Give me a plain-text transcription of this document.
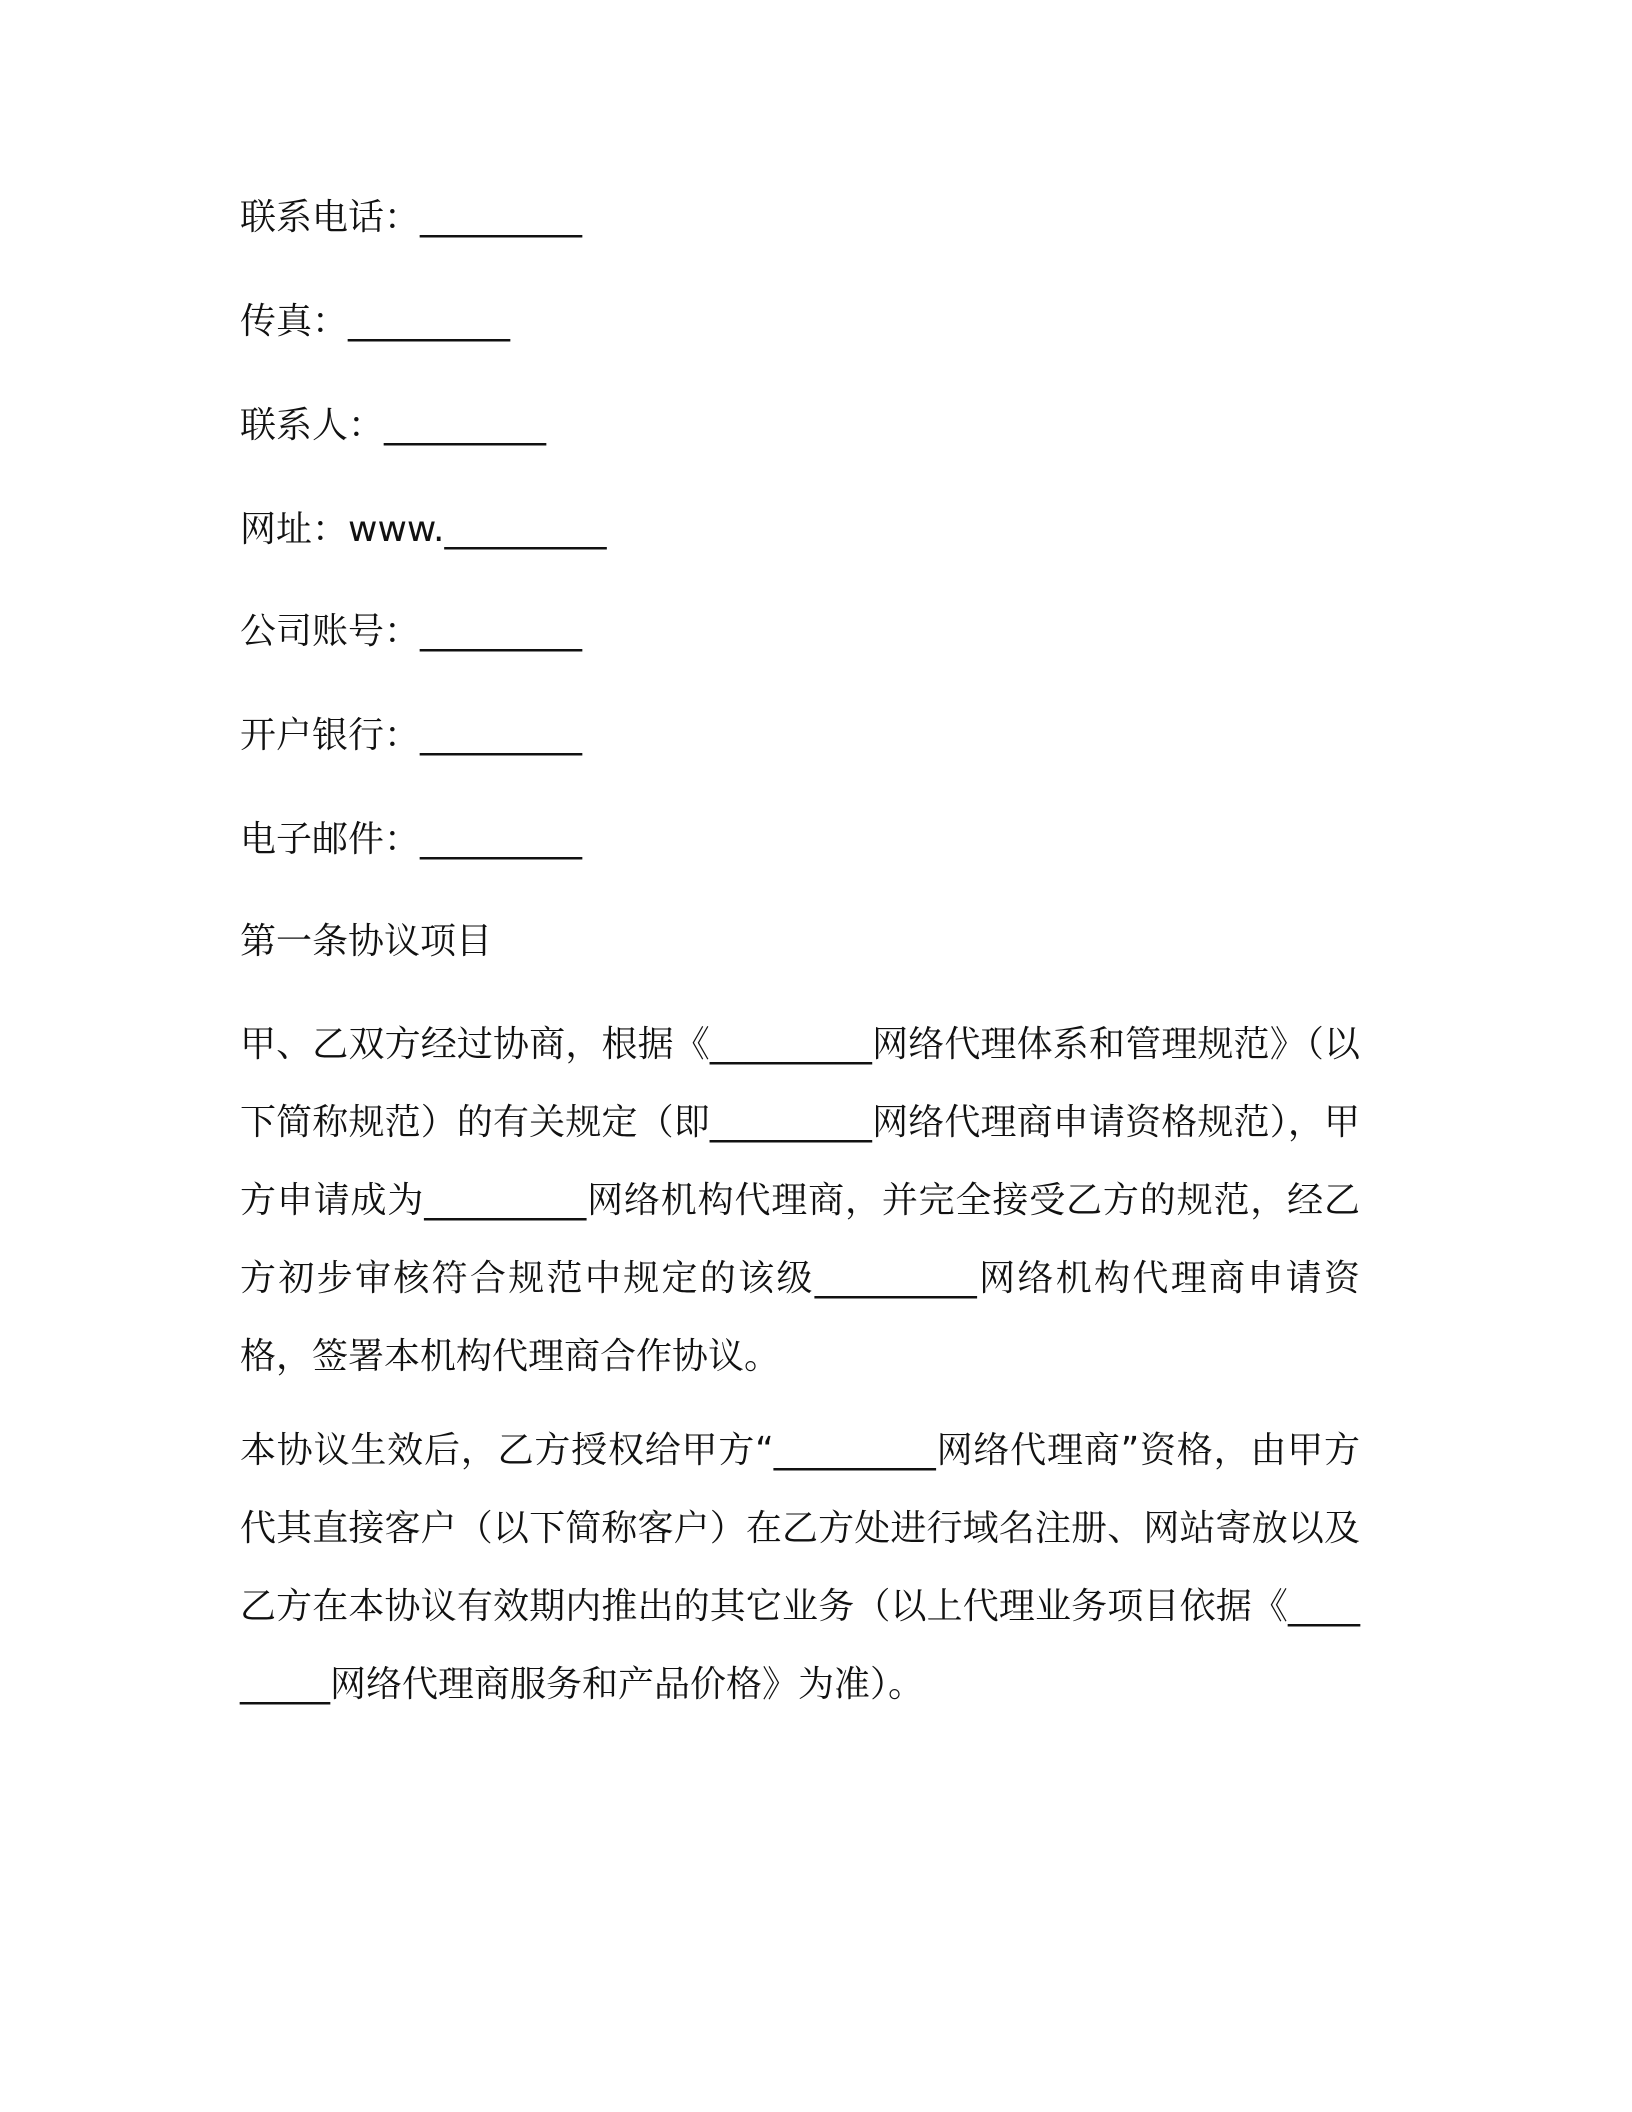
联系电话：_________
传真：_________
联系人：_________
网址：www._________
公司账号：_________
开户银行：_________
电子邮件：_________
第一条协议项目
甲、乙双方经过协商，根据《_________网络代理体系和管理规范》（以下简称规范）的有关规定（即_________网络代理商申请资格规范），甲方申请成为_________网络机构代理商，并完全接受乙方的规范，经乙方初步审核符合规范中规定的该级_________网络机构代理商申请资格，签署本机构代理商合作协议。
本协议生效后，乙方授权给甲方“_________网络代理商”资格，由甲方代其直接客户（以下简称客户）在乙方处进行域名注册、网站寄放以及乙方在本协议有效期内推出的其它业务（以上代理业务项目依据《_________网络代理商服务和产品价格》为准）。
